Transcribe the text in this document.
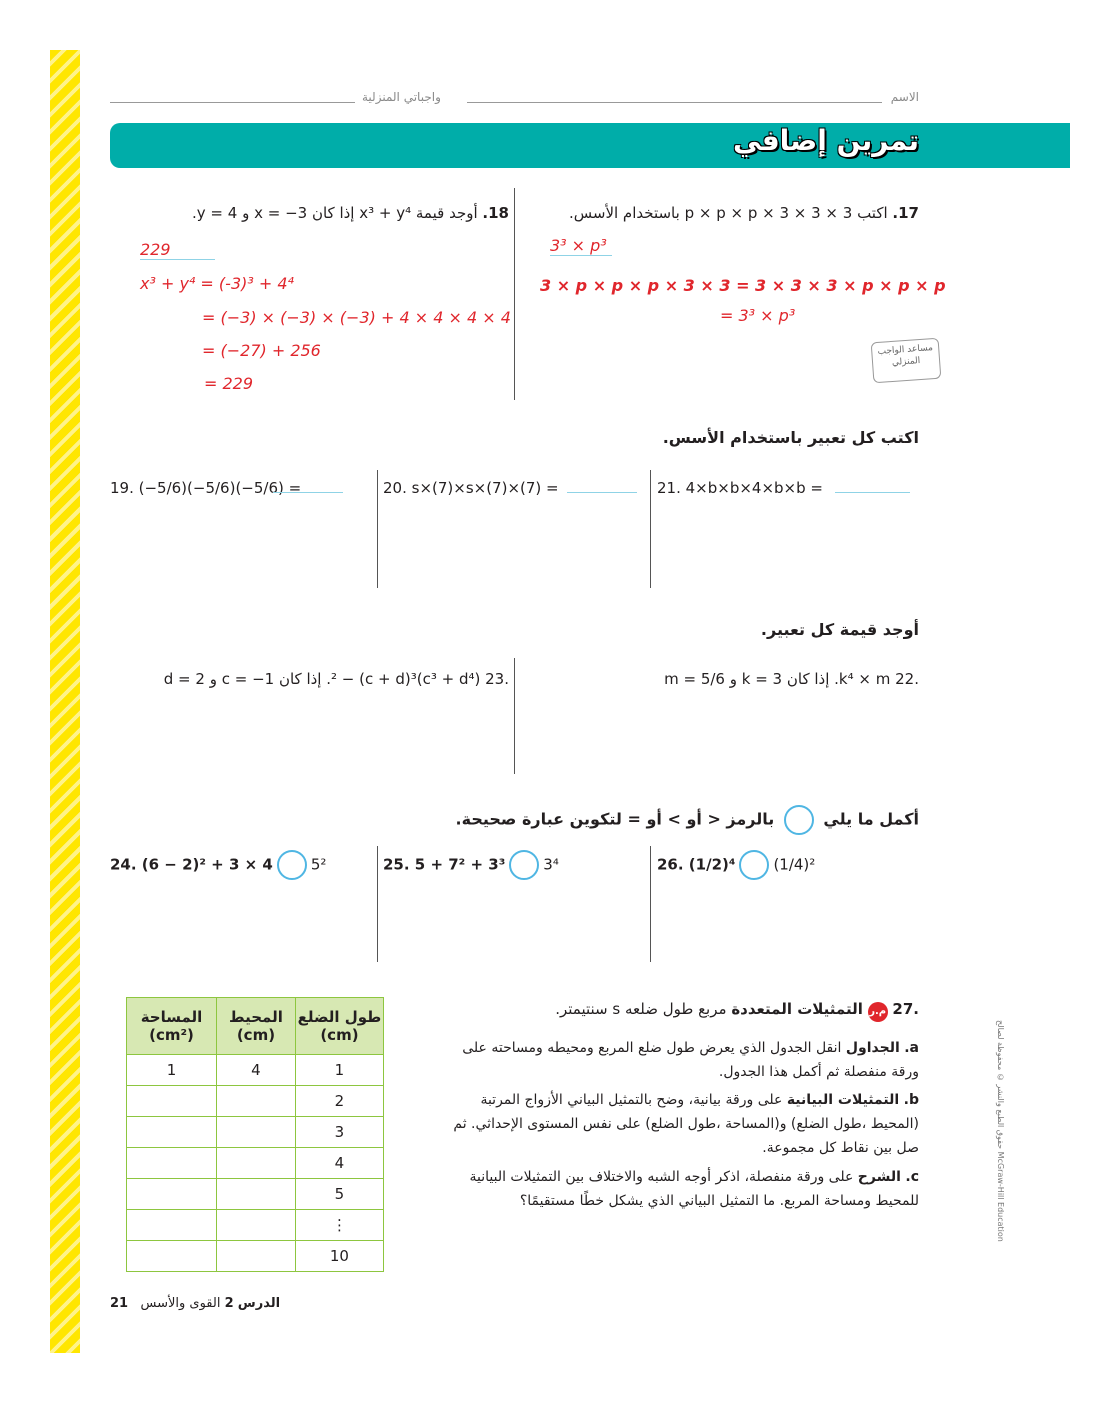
الاسم
واجباتي المنزلية
تمرين إضافي
17. اكتب 3 × p × p × p × 3 × 3 باستخدام الأسس.
3³ × p³
3 × p × p × p × 3 × 3 = 3 × 3 × 3 × p × p × p
= 3³ × p³
مساعد الواجب المنزلي
18. أوجد قيمة x³ + y⁴ إذا كان x = −3 و y = 4.
229
x³ + y⁴ = (-3)³ + 4⁴
= (−3) × (−3) × (−3) + 4 × 4 × 4 × 4
= (−27) + 256
= 229
اكتب كل تعبير باستخدام الأسس.
19. (−5/6)(−5/6)(−5/6) =	20. s×(7)×s×(7)×(7) =	21. 4×b×b×4×b×b =
أوجد قيمة كل تعبير.
.22 k⁴ × m. إذا كان k = 3 و m = 5/6
.23 (c³ + d⁴)² − (c + d)³. إذا كان c = −1 و d = 2
أكمل ما يلي  بالرمز < أو > أو = لتكوين عبارة صحيحة.
24. (6 − 2)² + 3 × 4	5²	25. 5 + 7² + 3³	3⁴	26. (1/2)⁴	(1/4)²
طول الضلع (cm)	المحيط (cm)	المساحة (cm²)
1	4	1
2		
3		
4		
5		
⋮		
10		
.27 م.ر التمثيلات المتعددة مربع طول ضلعه s سنتيمتر.
a. الجداول انقل الجدول الذي يعرض طول ضلع المربع ومحيطه ومساحته على ورقة منفصلة ثم أكمل هذا الجدول.
b. التمثيلات البيانية على ورقة بيانية، وضح بالتمثيل البياني الأزواج المرتبة (المحيط ،طول الضلع) و(المساحة ،طول الضلع) على نفس المستوى الإحداثي. ثم صل بين نقاط كل مجموعة.
c. الشرح على ورقة منفصلة، اذكر أوجه الشبه والاختلاف بين التمثيلات البيانية للمحيط ومساحة المربع. ما التمثيل البياني الذي يشكل خطًا مستقيمًا؟
حقوق الطبع والنشر © محفوظة لصالح McGraw-Hill Education
21	الدرس 2 القوى والأسس
